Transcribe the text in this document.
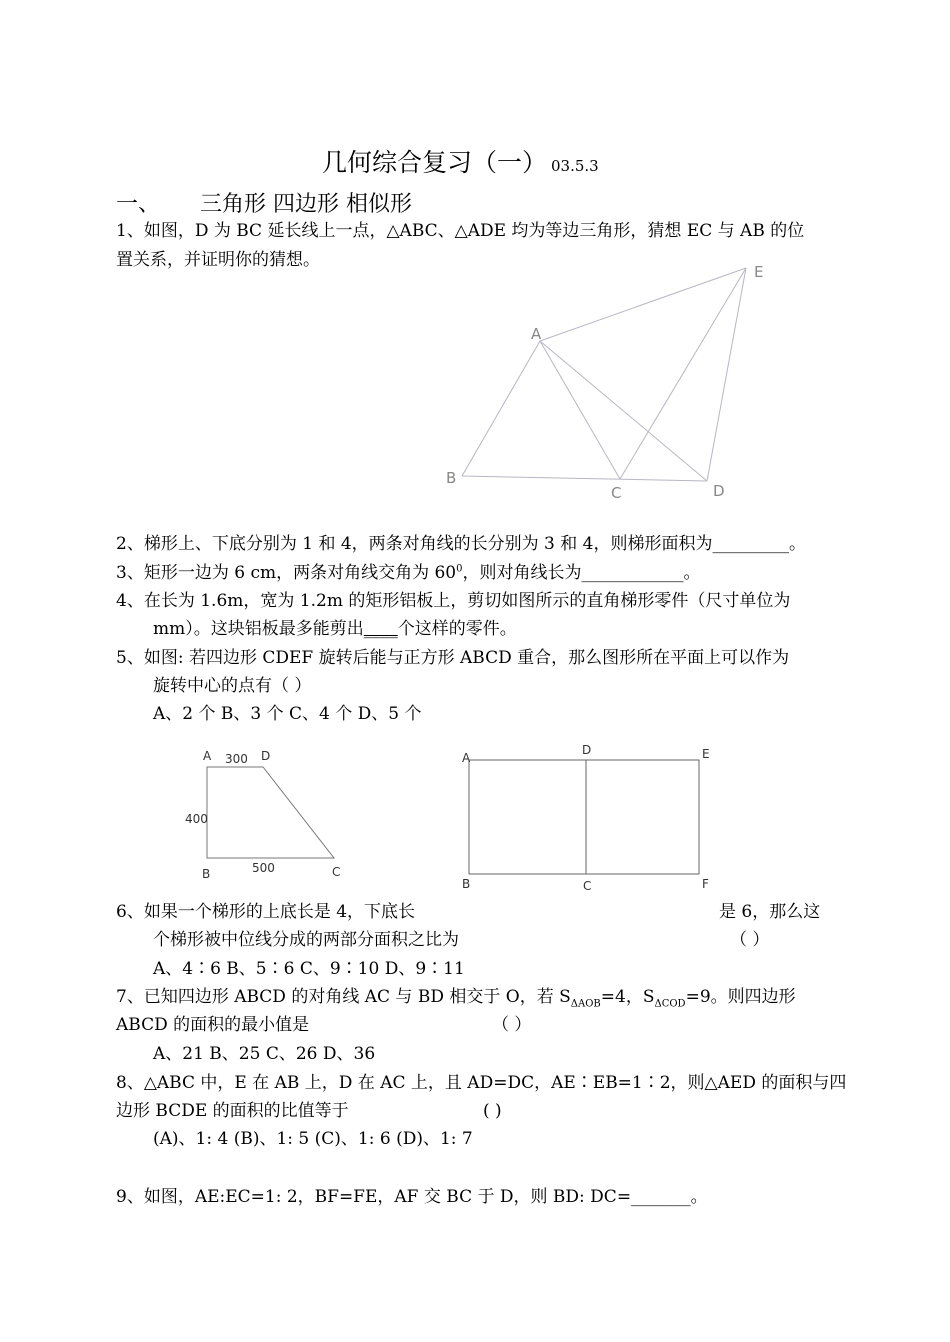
几何综合复习（一） 03.5.3
一、 三角形 四边形 相似形
1、如图，D 为 BC 延长线上一点，△ABC、△ADE 均为等边三角形，猜想 EC 与 AB 的位
置关系，并证明你的猜想。
A
B
C	D
E
2、梯形上、下底分别为 1 和 4，两条对角线的长分别为 3 和 4，则梯形面积为_________。
3、矩形一边为 6 cm，两条对角线交角为 $60^0$，则对角线长为____________。
4、在长为 1.6m，宽为 1.2m 的矩形铝板上，剪切如图所示的直角梯形零件（尺寸单位为
mm）。这块铝板最多能剪出____个这样的零件。
5、如图: 若四边形 CDEF 旋转后能与正方形 ABCD 重合，那么图形所在平面上可以作为
旋转中心的点有（ ）
A、2 个 B、3 个 C、4 个 D、5 个
A	D
300
400
500
B	C
A
D	E
B	C	F
6、如果一个梯形的上底长是 4，下底长	是 6，那么这
个梯形被中位线分成的两部分面积之比为	（ ）
A、4∶6 B、5∶6 C、9∶10 D、9∶11
7、已知四边形 ABCD 的对角线 AC 与 BD 相交于 O，若 $S_{\Delta AOB}=4$，$S_{\Delta COD}=9$。则四边形
ABCD 的面积的最小值是	（ ）
A、21 B、25 C、26 D、36
8、△ABC 中，E 在 AB 上，D 在 AC 上，且 AD=DC，AE∶EB=1∶2，则△AED 的面积与四
边形 BCDE 的面积的比值等于	( )
(A)、1: 4 (B)、1: 5 (C)、1: 6 (D)、1: 7
9、如图，AE:EC=1: 2，BF=FE，AF 交 BC 于 D，则 BD: DC=_______。
